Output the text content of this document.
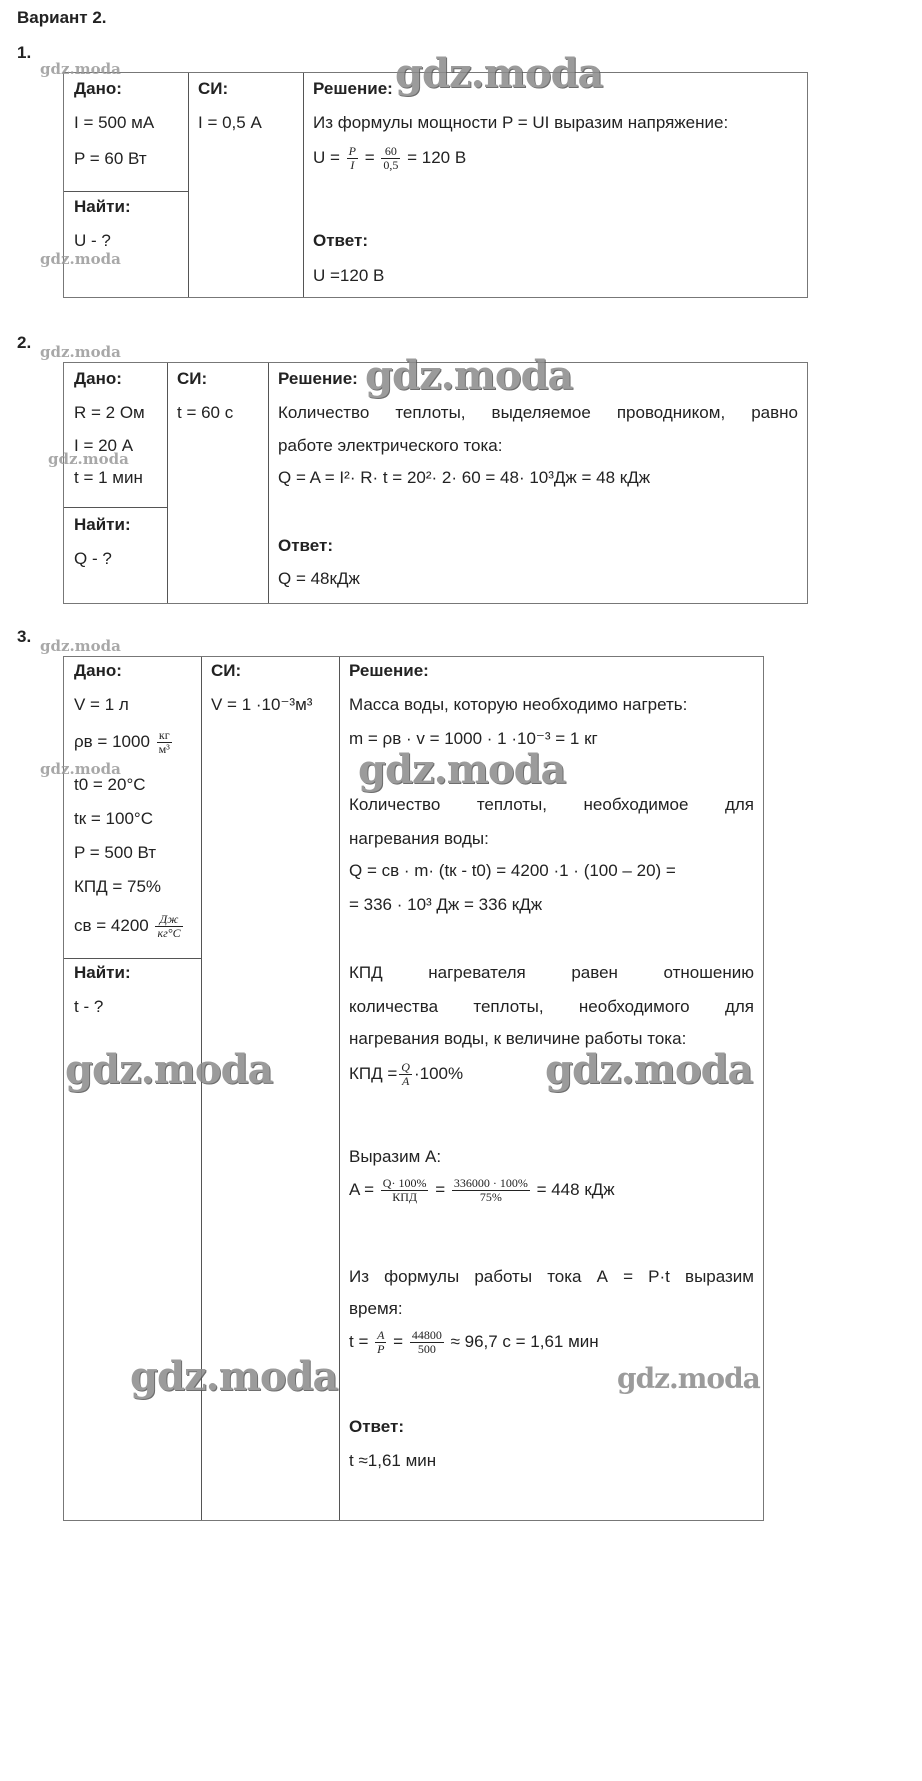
Вариант 2.
1.
Дано:
I = 500 мА
P = 60 Вт
Найти:
U - ?
СИ:
I = 0,5 А
Решение:
Из формулы мощности P = UI выразим напряжение:
$U = \frac{P}{I} = \frac{60}{0,5} = 120$ В
Ответ:
U =120 В
2.
Дано:
R = 2 Ом
I = 20 А
t = 1 мин
Найти:
Q - ?
СИ:
t = 60 с
Решение:
Количество теплоты, выделяемое проводником, равно
работе электрического тока:
Q = A = I²· R· t = 20²· 2· 60 = 48· 10³Дж = 48 кДж
Ответ:
Q = 48кДж
3.
Дано:
V = 1 л
$\rho в = 1000 \frac{кг}{\text{м³}}$
t0 = 20°C
tк = 100°C
P = 500 Вт
КПД = 75%
cв = $4200 \frac{Дж}{кг^\circ C}$
Найти:
t - ?
СИ:
V = 1 ·10⁻³м³
Решение:
Масса воды, которую необходимо нагреть:
m = ρв · v = 1000 · 1 ·10⁻³ = 1 кг
Количество теплоты, необходимое для
нагревания воды:
Q = cв · m· (tк - t0) = 4200 ·1 · (100 – 20) =
= 336 · 10³ Дж = 336 кДж
КПД нагревателя равен отношению
количества теплоты, необходимого для
нагревания воды, к величине работы тока:
КПД = $\frac{Q}{A} \cdot 100\%$
Выразим А:
$A = \frac{Q\cdot 100\%}{\text{КПД}} = \frac{336000 \cdot 100\%}{75\%} = 448$ кДж
Из формулы работы тока А = P·t выразим
время:
$t = \frac{A}{P} = \frac{44800}{500} \approx 96,7$ с = 1,61 мин
Ответ:
t ≈1,61 мин
gdz.moda
gdz.moda
gdz.moda
gdz.moda
gdz.moda
gdz.moda
gdz.moda
gdz.moda
gdz.moda
gdz.moda	gdz.moda
gdz.moda	gdz.moda
